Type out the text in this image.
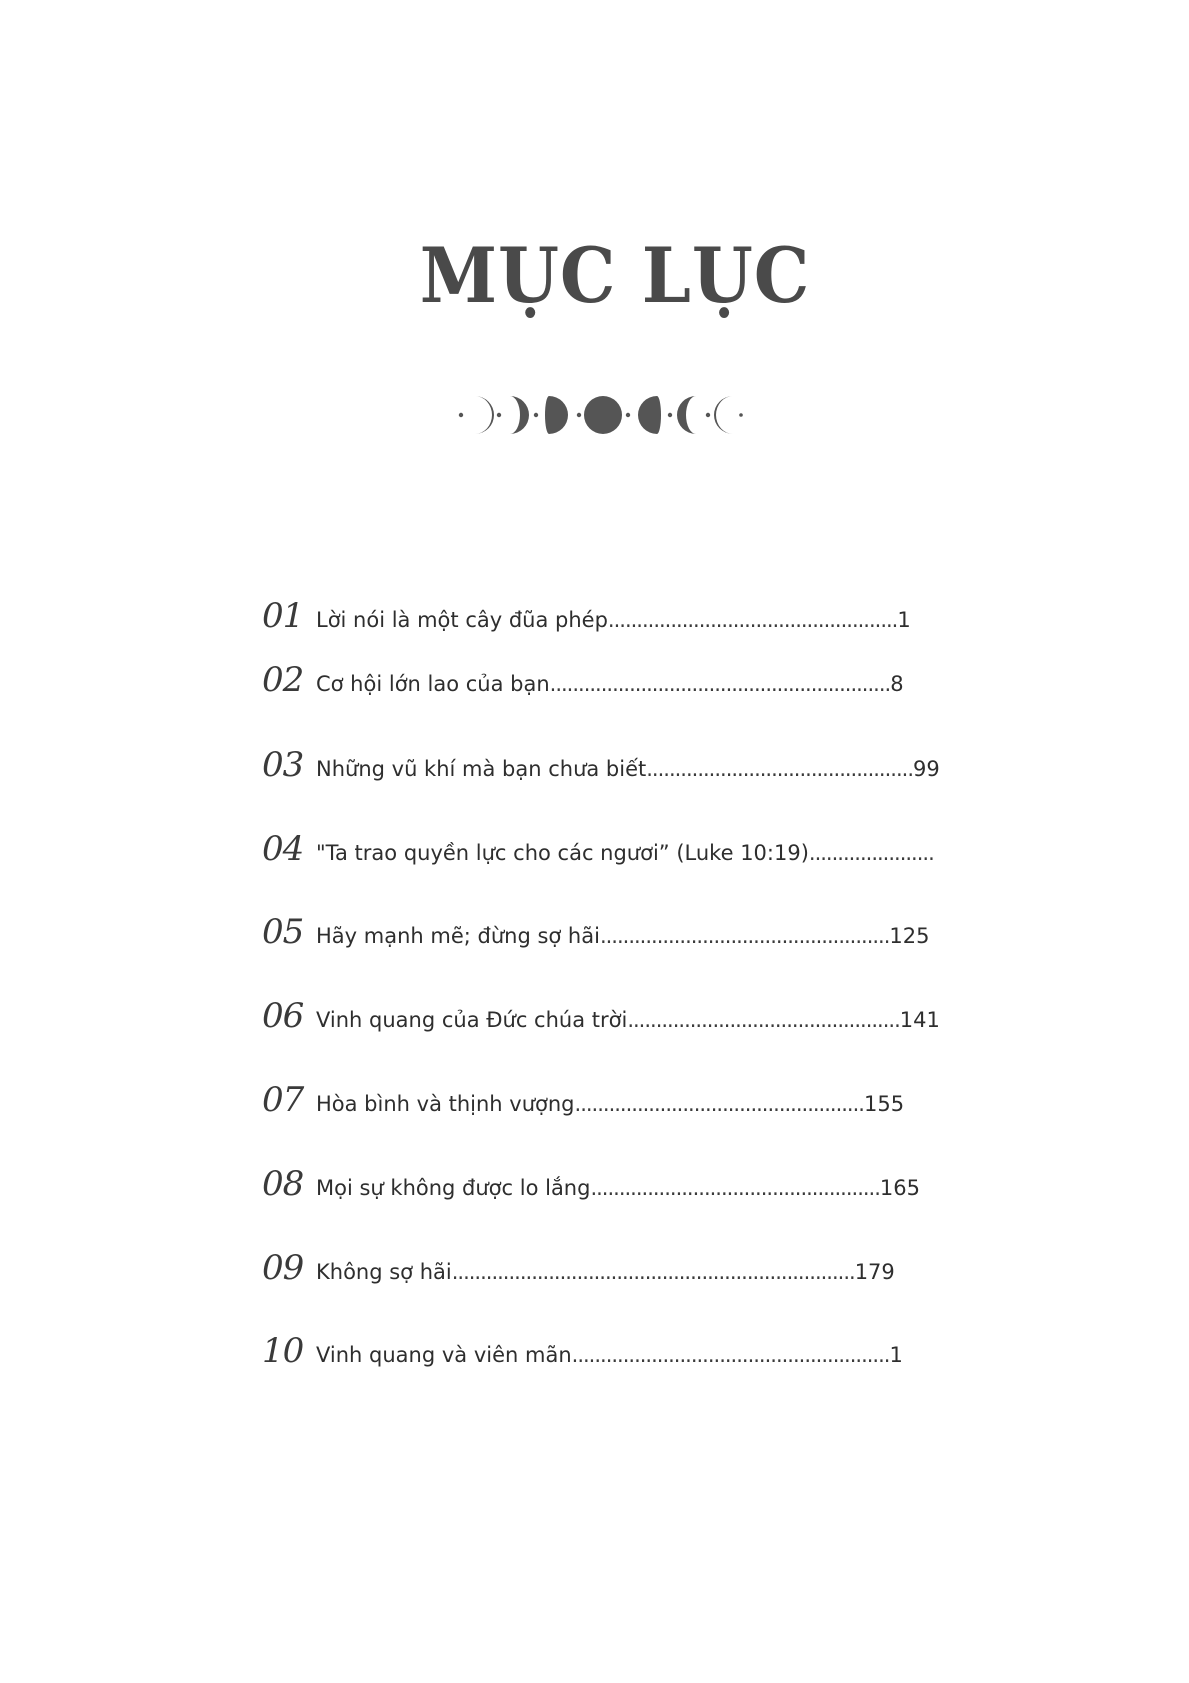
MỤC LỤC
01 Lời nói là một cây đũa phép ................................................... 1
02 Cơ hội lớn lao của bạn ............................................................ 8
03 Những vũ khí mà bạn chưa biết ............................................... 99
04 "Ta trao quyền lực cho các ngươi” (Luke 10:19) ......................
05 Hãy mạnh mẽ; đừng sợ hãi ................................................... 125
06 Vinh quang của Đức chúa trời ................................................ 141
07 Hòa bình và thịnh vượng ................................................... 155
08 Mọi sự không được lo lắng ................................................... 165
09 Không sợ hãi ....................................................................... 179
10 Vinh quang và viên mãn ........................................................ 1
